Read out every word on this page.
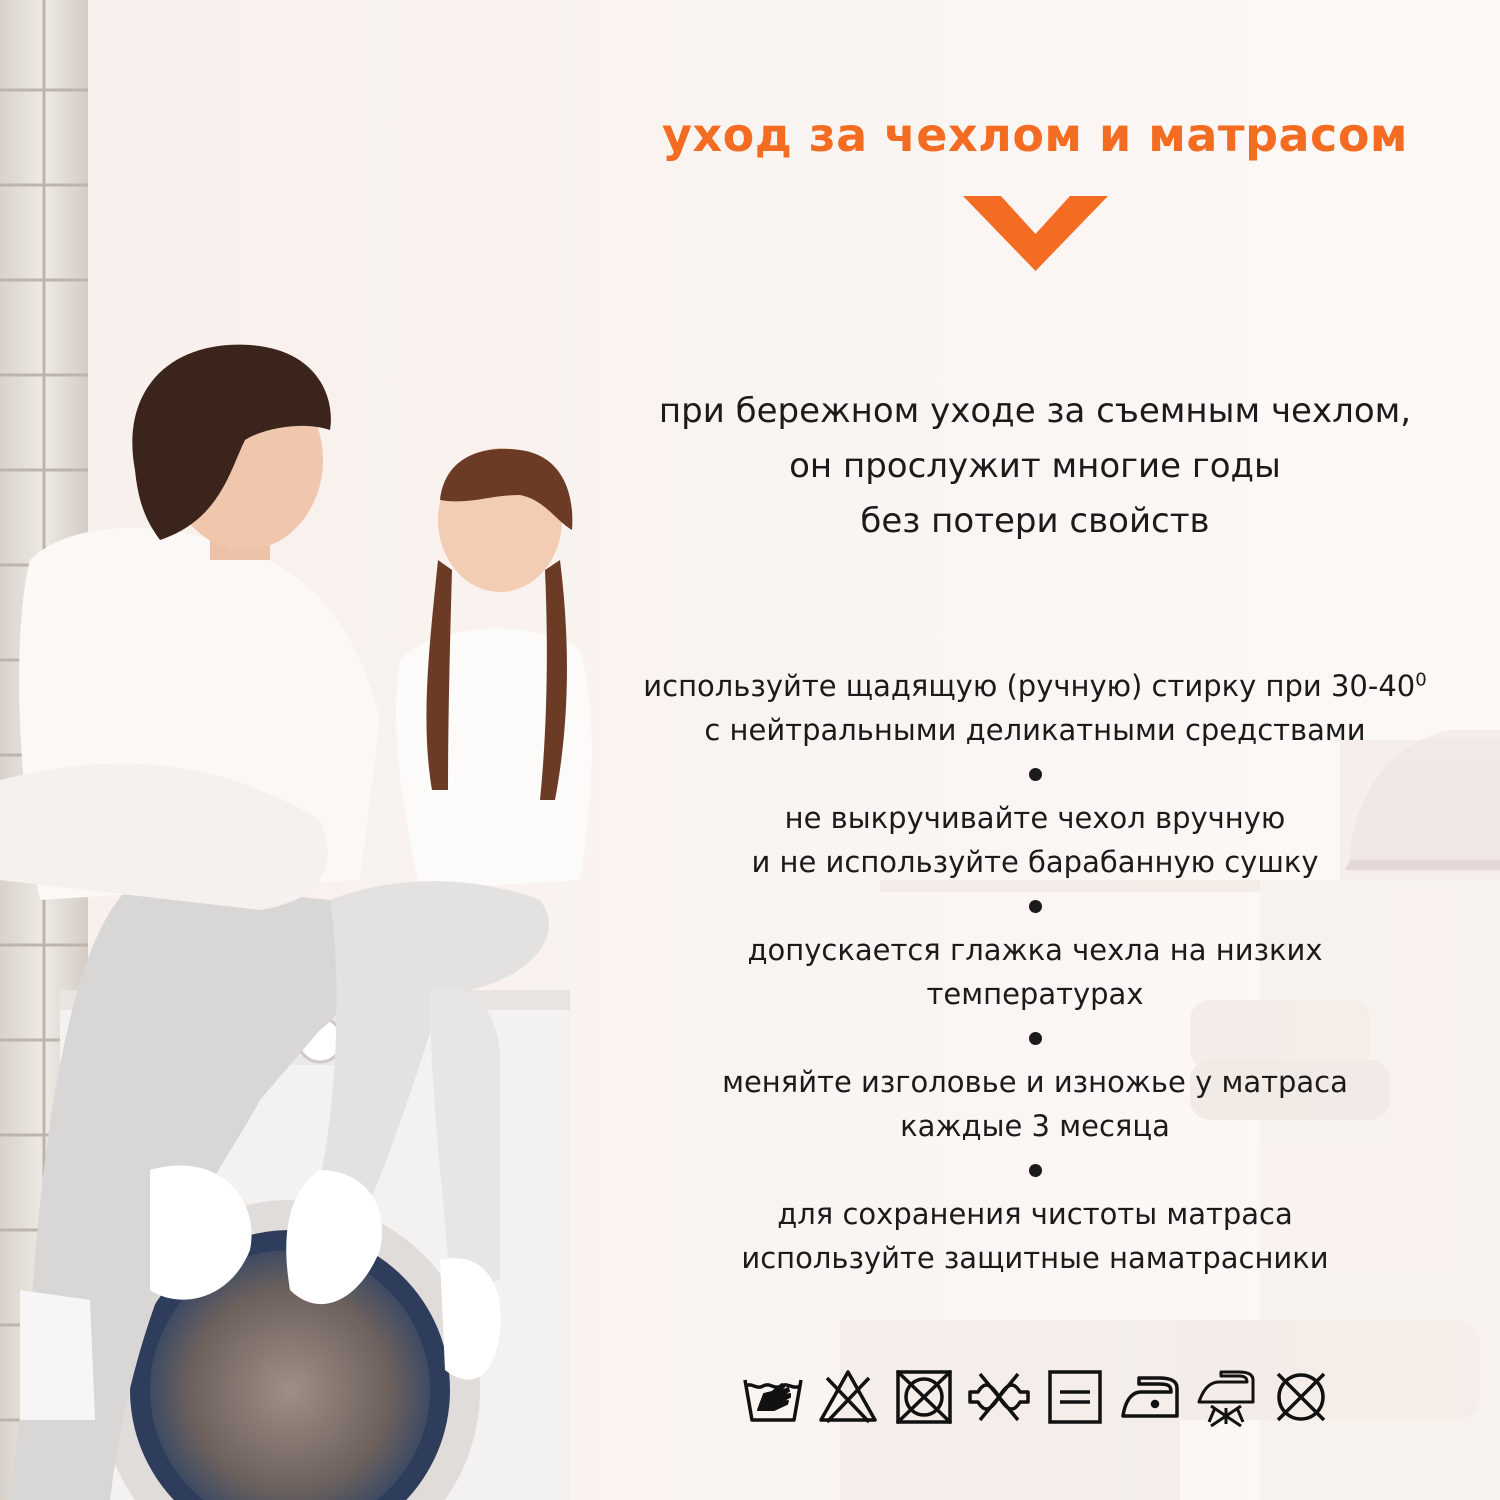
уход за чехлом и матрасом
при бережном уходе за съемным чехлом,
он прослужит многие годы
без потери свойств
используйте щадящую (ручную) стирку при $30-40^0$
с нейтральными деликатными средствами
не выкручивайте чехол вручную
и не используйте барабанную сушку
допускается глажка чехла на низких
температурах
меняйте изголовье и изножье у матраса
каждые 3 месяца
для сохранения чистоты матраса
используйте защитные наматрасники
